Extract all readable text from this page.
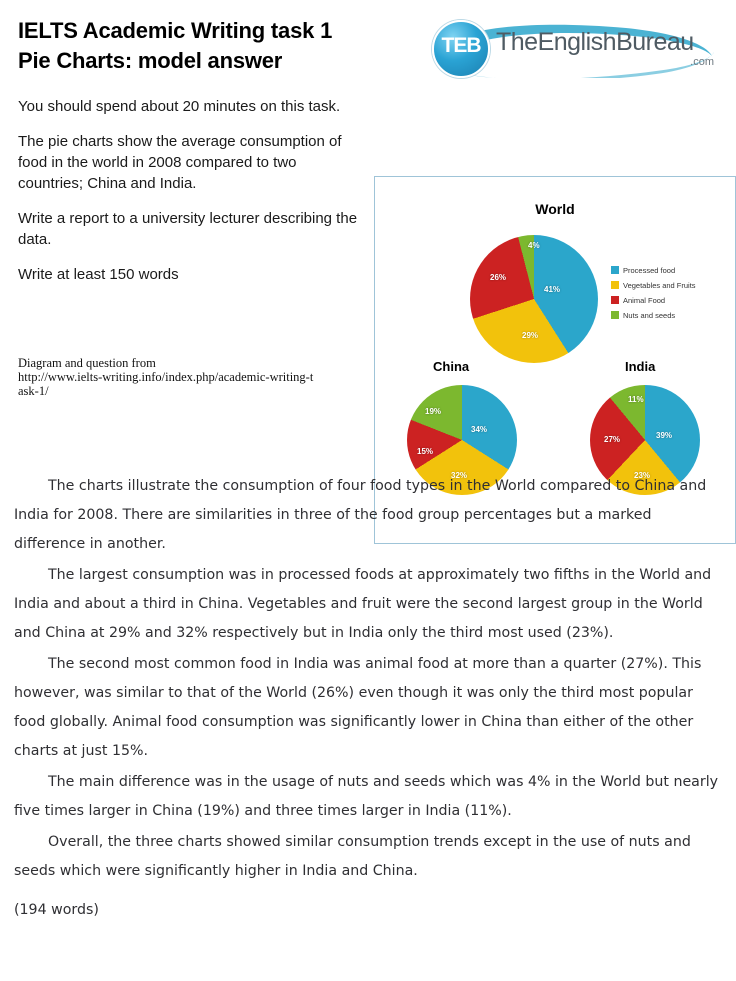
IELTS Academic Writing task 1
Pie Charts: model answer
TEB TheEnglishBureau
.com

You should spend about 20 minutes on this task.

The pie charts show the average consumption of food in the world in 2008 compared to two countries; China and India.

Write a report to a university lecturer describing the data.

Write at least 150 words

Diagram and question from
http://www.ielts-writing.info/index.php/academic-writing-task-1/
World
41%
29%
26%
4%
Processed food
Vegetables and Fruits
Animal Food
Nuts and seeds
China
34%
32%
15%
19%
India
39%
23%
27%
11%

The charts illustrate the consumption of four food types in the World compared to China and India for 2008. There are similarities in three of the food group percentages but a marked difference in another.

The largest consumption was in processed foods at approximately two fifths in the World and India and about a third in China. Vegetables and fruit were the second largest group in the World and China at 29% and 32% respectively but in India only the third most used (23%).

The second most common food in India was animal food at more than a quarter (27%). This however, was similar to that of the World (26%) even though it was only the third most popular food globally. Animal food consumption was significantly lower in China than either of the other charts at just 15%.

The main difference was in the usage of nuts and seeds which was 4% in the World but nearly five times larger in China (19%) and three times larger in India (11%).

Overall, the three charts showed similar consumption trends except in the use of nuts and seeds which were significantly higher in India and China.

(194 words)
